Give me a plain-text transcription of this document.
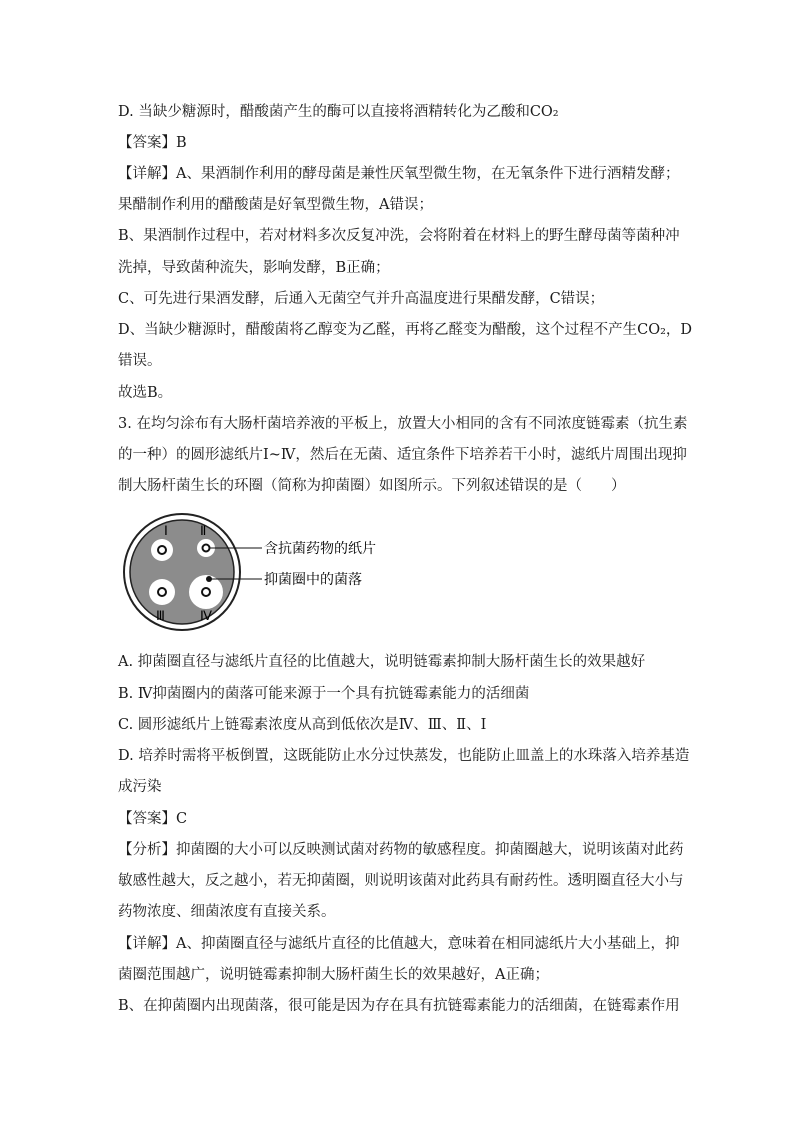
D. 当缺少糖源时，醋酸菌产生的酶可以直接将酒精转化为乙酸和CO₂
【答案】B
【详解】A、果酒制作利用的酵母菌是兼性厌氧型微生物，在无氧条件下进行酒精发酵；
果醋制作利用的醋酸菌是好氧型微生物，A错误；
B、果酒制作过程中，若对材料多次反复冲洗，会将附着在材料上的野生酵母菌等菌种冲
洗掉，导致菌种流失，影响发酵，B正确；
C、可先进行果酒发酵，后通入无菌空气并升高温度进行果醋发酵，C错误；
D、当缺少糖源时，醋酸菌将乙醇变为乙醛，再将乙醛变为醋酸，这个过程不产生CO₂，D
错误。
故选B。
3. 在均匀涂布有大肠杆菌培养液的平板上，放置大小相同的含有不同浓度链霉素（抗生素
的一种）的圆形滤纸片Ⅰ~Ⅳ，然后在无菌、适宜条件下培养若干小时，滤纸片周围出现抑
制大肠杆菌生长的环圈（简称为抑菌圈）如图所示。下列叙述错误的是（　　）
Ⅰ Ⅱ
Ⅲ	Ⅳ
含抗菌药物的纸片
抑菌圈中的菌落
A. 抑菌圈直径与滤纸片直径的比值越大，说明链霉素抑制大肠杆菌生长的效果越好
B. Ⅳ抑菌圈内的菌落可能来源于一个具有抗链霉素能力的活细菌
C. 圆形滤纸片上链霉素浓度从高到低依次是Ⅳ、Ⅲ、Ⅱ、Ⅰ
D. 培养时需将平板倒置，这既能防止水分过快蒸发，也能防止皿盖上的水珠落入培养基造
成污染
【答案】C
【分析】抑菌圈的大小可以反映测试菌对药物的敏感程度。抑菌圈越大，说明该菌对此药
敏感性越大，反之越小，若无抑菌圈，则说明该菌对此药具有耐药性。透明圈直径大小与
药物浓度、细菌浓度有直接关系。
【详解】A、抑菌圈直径与滤纸片直径的比值越大，意味着在相同滤纸片大小基础上，抑
菌圈范围越广，说明链霉素抑制大肠杆菌生长的效果越好，A正确；
B、在抑菌圈内出现菌落，很可能是因为存在具有抗链霉素能力的活细菌，在链霉素作用
